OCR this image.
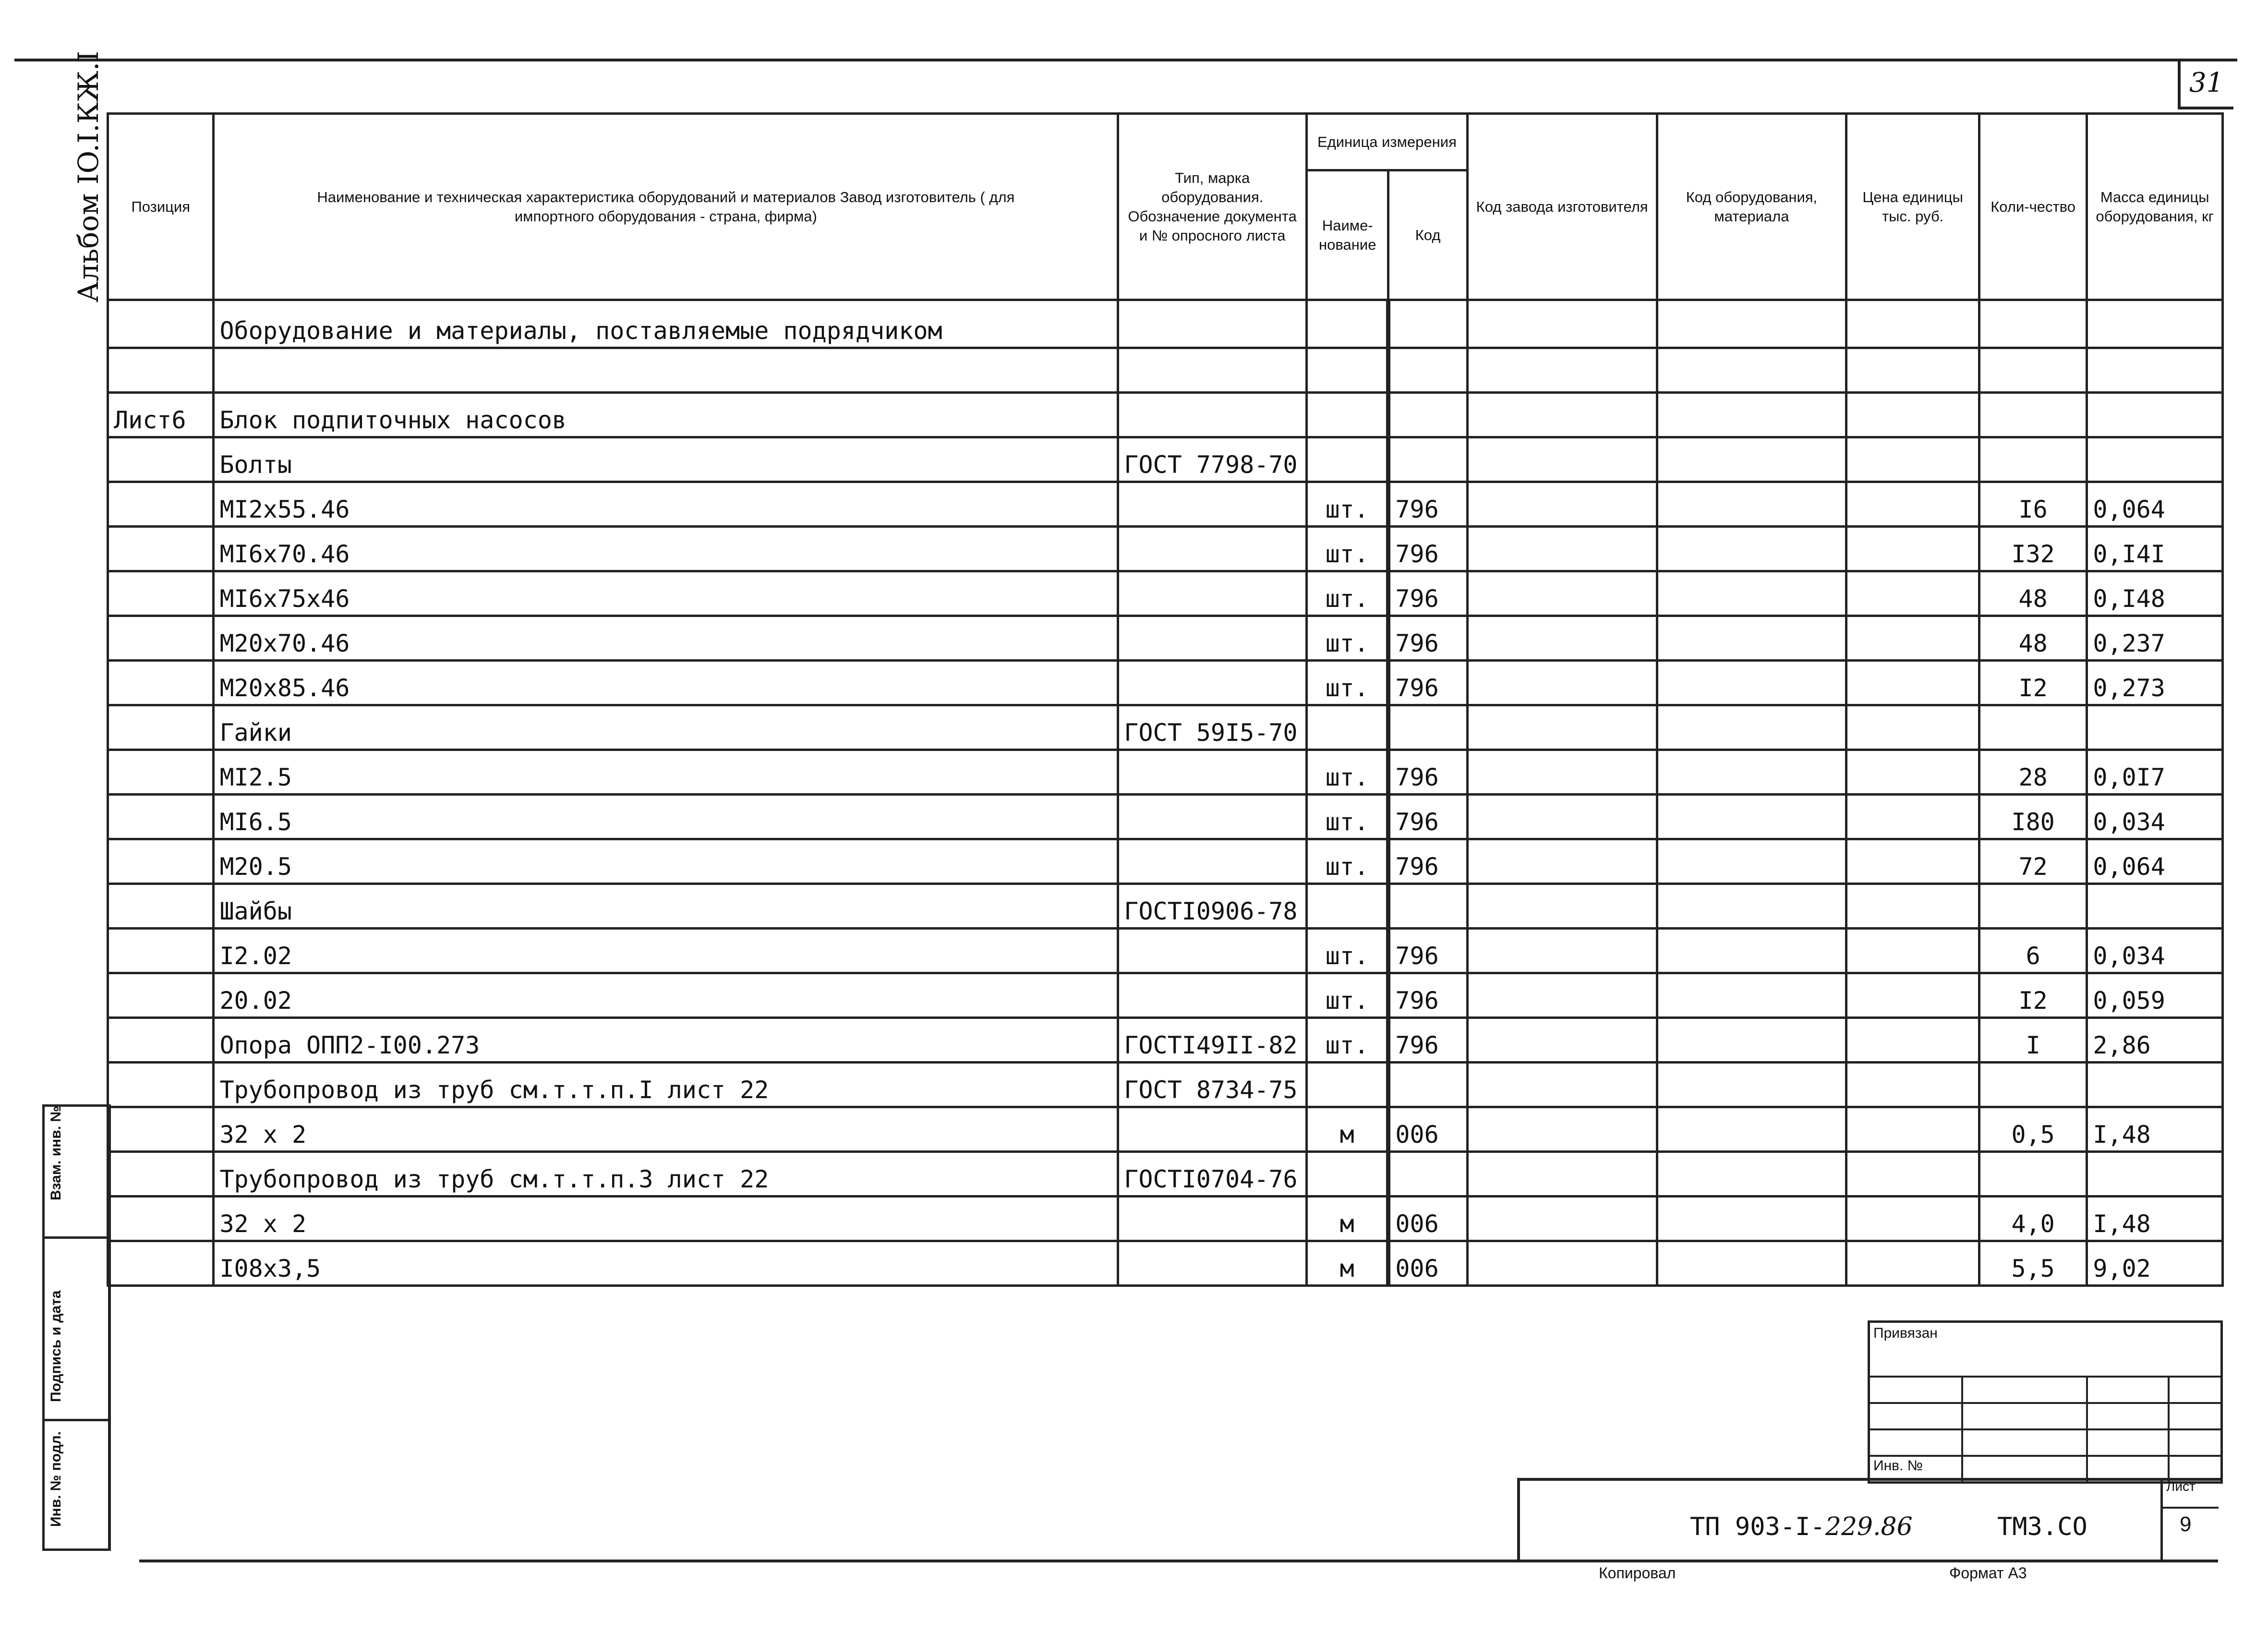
31
Альбом IO.I.КЖ.I Позиция	Наименование и техническая характеристика оборудований и материалов Завод изготовитель ( для импортного оборудования - страна, фирма)	Тип, марка оборудования. Обозначение документа и № опросного листа	Единица измерения		Код завода изготовителя	Код оборудования, материала	Цена единицы тыс. руб.	Коли-чество	Масса единицы оборудования, кг
			Наиме-нование	Код					
	Оборудование и материалы, поставляемые подрядчиком								

Лист6	Блок подпиточных насосов								
	Болты	ГОСТ 7798-70							
	MI2x55.46		шт.	796				I6	0,064
	MI6x70.46		шт.	796				I32	0,I4I
	MI6x75x46		шт.	796				48	0,I48
	M20x70.46		шт.	796				48	0,237
	M20x85.46		шт.	796				I2	0,273
	Гайки	ГОСТ 59I5-70							
	MI2.5		шт.	796				28	0,0I7
	MI6.5		шт.	796				I80	0,034
	M20.5		шт.	796				72	0,064
	Шайбы	ГОСТI0906-78							
	I2.02		шт.	796				6	0,034
	20.02		шт.	796				I2	0,059
	Опора ОПП2-I00.273	ГОСТI49II-82	шт.	796				I	2,86
	Трубопровод из труб см.т.т.п.I лист 22	ГОСТ 8734-75							
	32 x 2		м	006				0,5	I,48
	Трубопровод из труб см.т.т.п.3 лист 22	ГОСТI0704-76							
	32 x 2		м	006				4,0	I,48
	I08x3,5		м	006				5,5	9,02
Взам. инв. №
Подпись и дата
Инв. № подл.
Привязан
Инв. №
ТП 903-I-229.86	ТМ3.СО
Лист
9
Копировал	Формат А3
